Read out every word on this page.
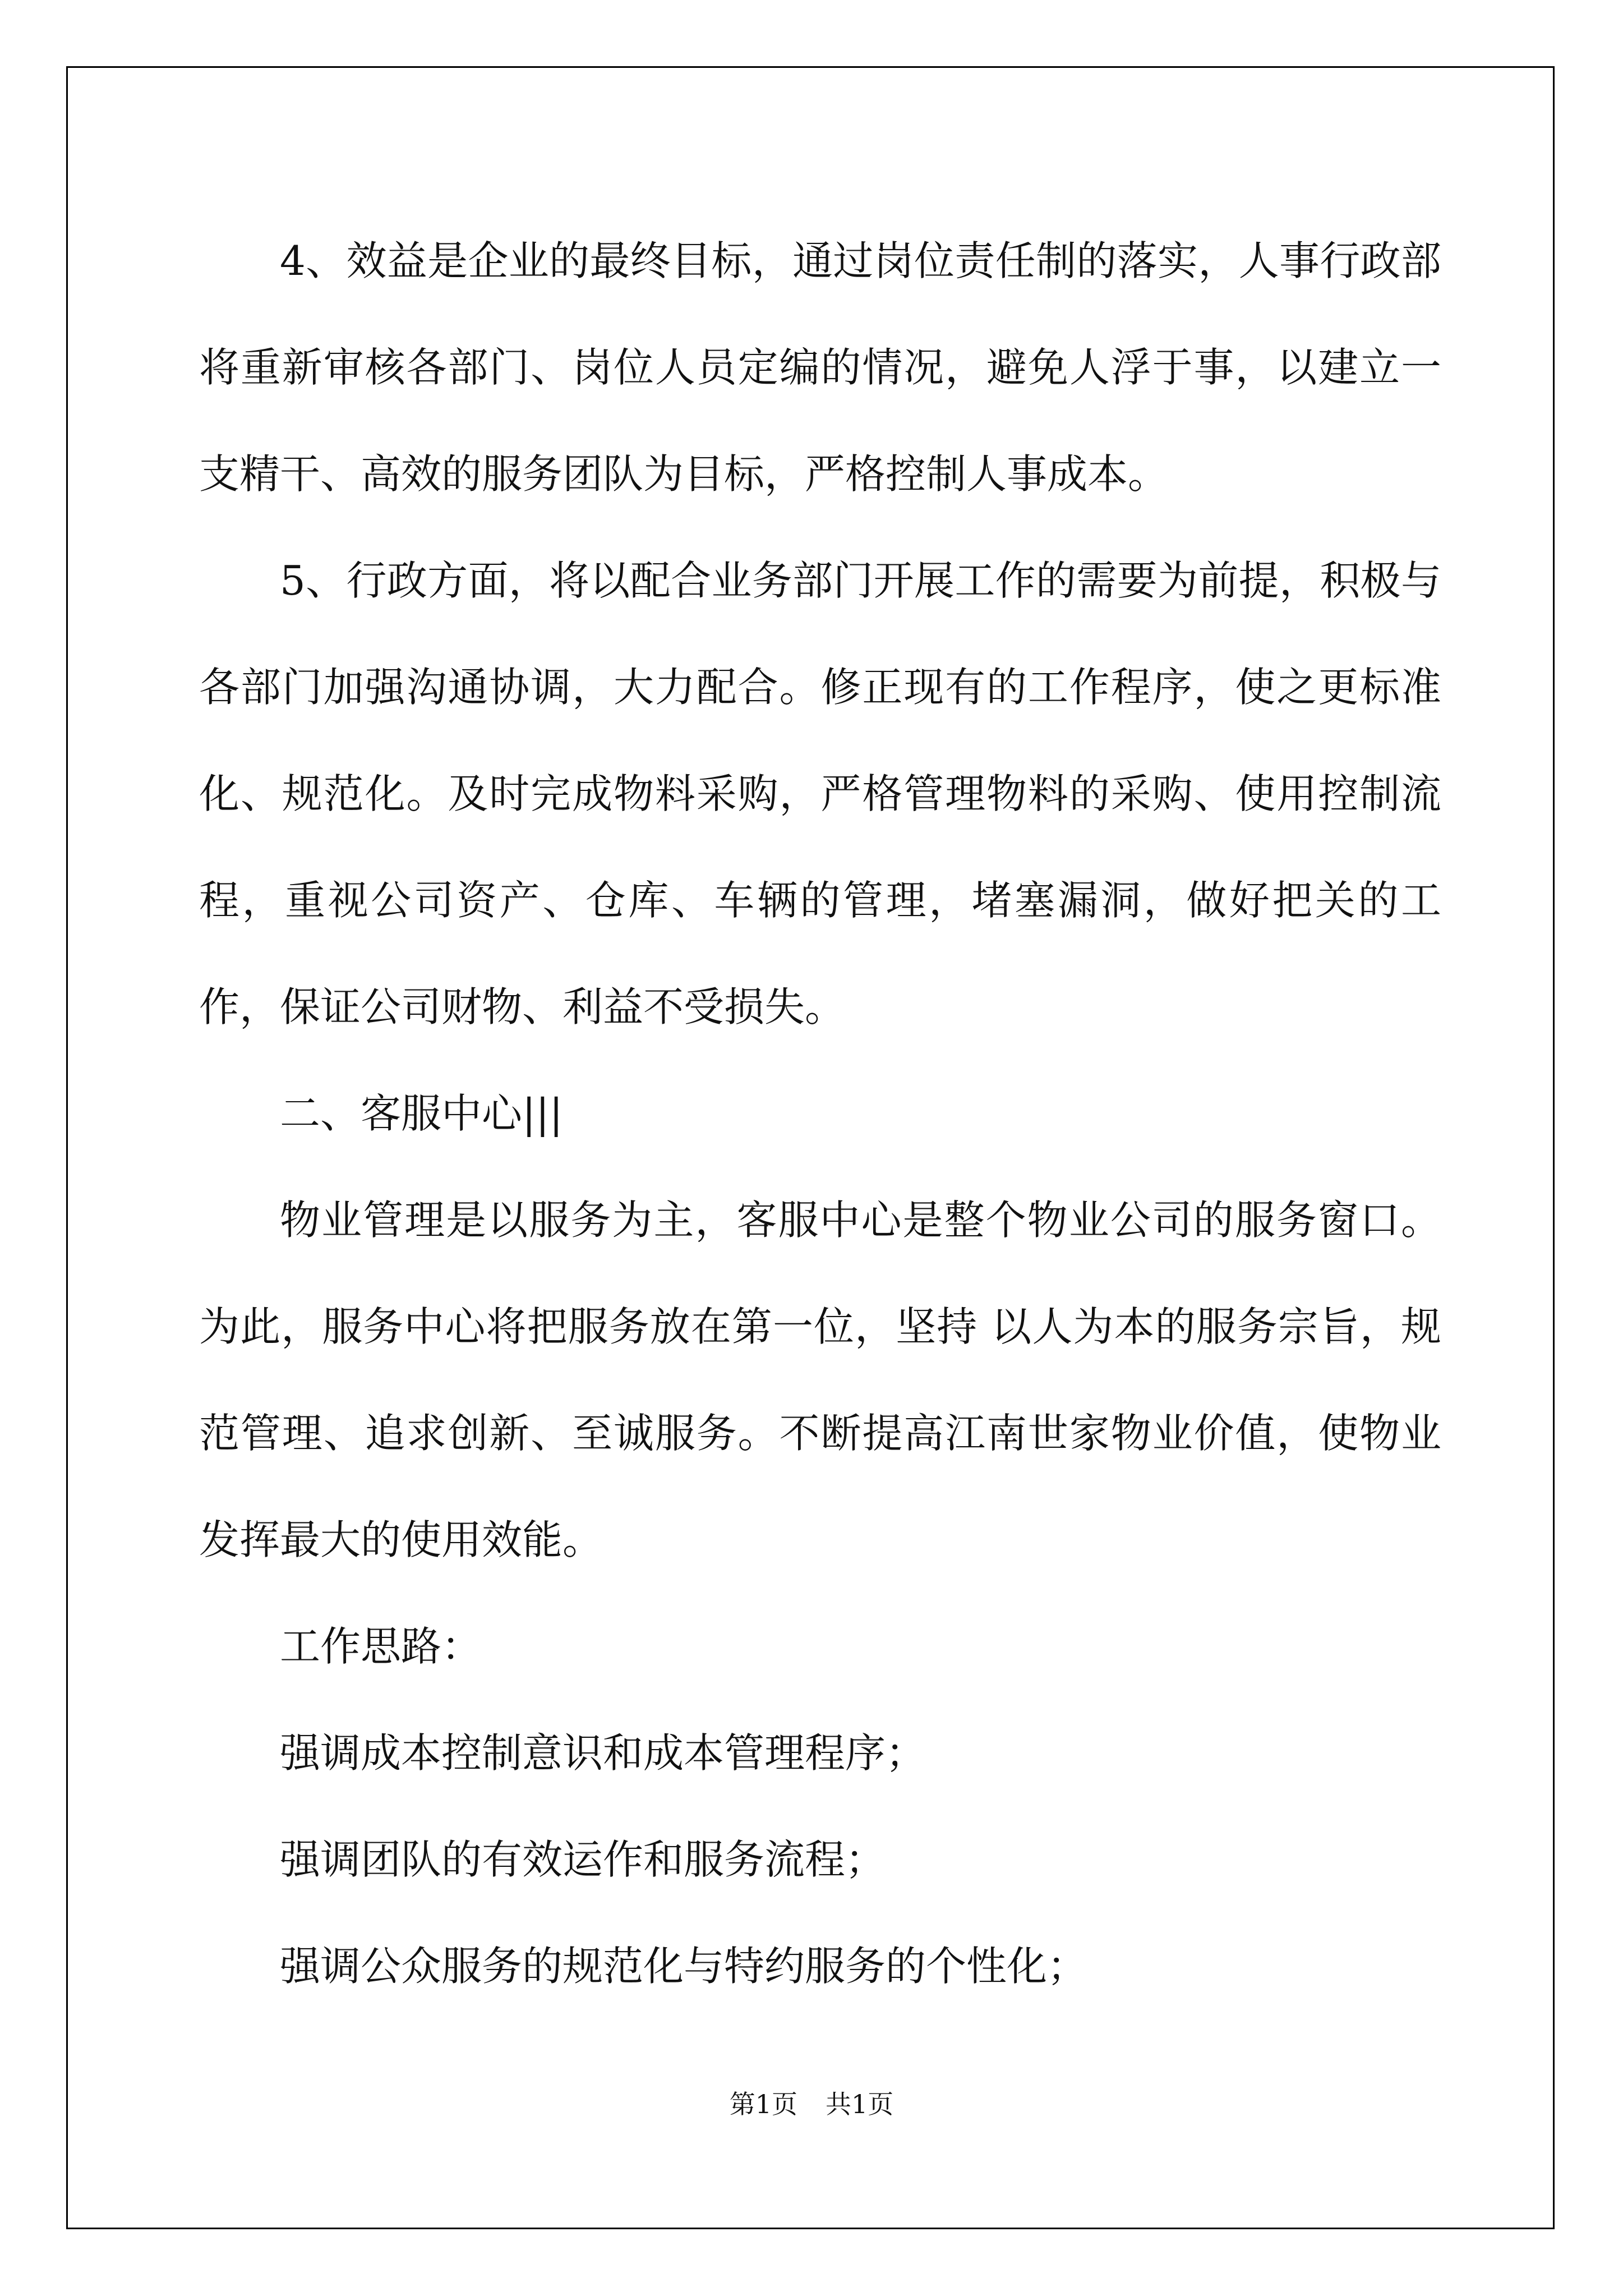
4、效益是企业的最终目标，通过岗位责任制的落实，人事行政部将重新审核各部门、岗位人员定编的情况，避免人浮于事，以建立一支精干、高效的服务团队为目标，严格控制人事成本。

5、行政方面，将以配合业务部门开展工作的需要为前提，积极与各部门加强沟通协调，大力配合。修正现有的工作程序，使之更标准化、规范化。及时完成物料采购，严格管理物料的采购、使用控制流程，重视公司资产、仓库、车辆的管理，堵塞漏洞，做好把关的工作，保证公司财物、利益不受损失。

二、客服中心|||

物业管理是以服务为主，客服中心是整个物业公司的服务窗口。为此，服务中心将把服务放在第一位，坚持 以人为本的服务宗旨，规范管理、追求创新、至诚服务。不断提高江南世家物业价值，使物业发挥最大的使用效能。

工作思路：

强调成本控制意识和成本管理程序；

强调团队的有效运作和服务流程；

强调公众服务的规范化与特约服务的个性化；

第1页 共1页
